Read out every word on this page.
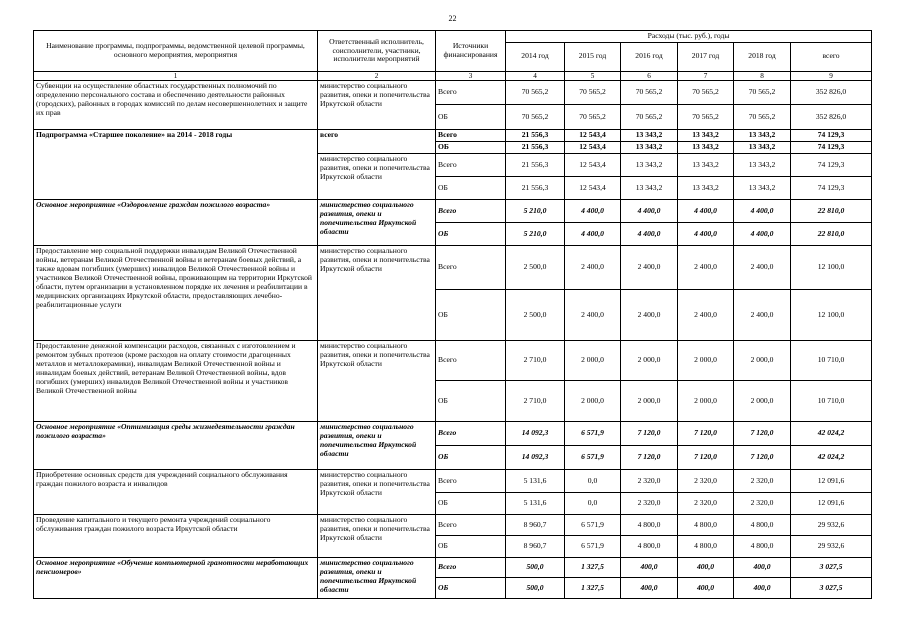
22
Наименование программы, подпрограммы, ведомственной целевой программы, основного мероприятия, мероприятия	Ответственный исполнитель, соисполнители, участники, исполнители мероприятий	Источники финансирования	Расходы (тыс. руб.), годы					
			2014 год	2015 год	2016 год	2017 год	2018 год	всего
1	2	3	4	5	6	7	8	9
Субвенции на осуществление областных государственных полномочий по определению персонального состава и обеспечению деятельности районных (городских), районных в городах комиссий по делам несовершеннолетних и защите их прав	министерство социального развития, опеки и попечительства Иркутской области	Всего	70 565,2	70 565,2	70 565,2	70 565,2	70 565,2	352 826,0
		ОБ	70 565,2	70 565,2	70 565,2	70 565,2	70 565,2	352 826,0
Подпрограмма «Старшее поколение» на 2014 - 2018 годы	всего	Всего	21 556,3	12 543,4	13 343,2	13 343,2	13 343,2	74 129,3
		ОБ	21 556,3	12 543,4	13 343,2	13 343,2	13 343,2	74 129,3
	министерство социального развития, опеки и попечительства Иркутской области	Всего	21 556,3	12 543,4	13 343,2	13 343,2	13 343,2	74 129,3
		ОБ	21 556,3	12 543,4	13 343,2	13 343,2	13 343,2	74 129,3
Основное мероприятие «Оздоровление граждан пожилого возраста»	министерство социального развития, опеки и попечительства Иркутской области	Всего	5 210,0	4 400,0	4 400,0	4 400,0	4 400,0	22 810,0
		ОБ	5 210,0	4 400,0	4 400,0	4 400,0	4 400,0	22 810,0
Предоставление мер социальной поддержки инвалидам Великой Отечественной войны, ветеранам Великой Отечественной войны и ветеранам боевых действий, а также вдовам погибших (умерших) инвалидов Великой Отечественной войны и участников Великой Отечественной войны, проживающим на территории Иркутской области, путем организации в установленном порядке их лечения и реабилитации в медицинских организациях Иркутской области, предоставляющих лечебно-реабилитационные услуги	министерство социального развития, опеки и попечительства Иркутской области	Всего	2 500,0	2 400,0	2 400,0	2 400,0	2 400,0	12 100,0
		ОБ	2 500,0	2 400,0	2 400,0	2 400,0	2 400,0	12 100,0
Предоставление денежной компенсации расходов, связанных с изготовлением и ремонтом зубных протезов (кроме расходов на оплату стоимости драгоценных металлов и металлокерамики), инвалидам Великой Отечественной войны и инвалидам боевых действий, ветеранам Великой Отечественной войны, вдов погибших (умерших) инвалидов Великой Отечественной войны и участников Великой Отечественной войны	министерство социального развития, опеки и попечительства Иркутской области	Всего	2 710,0	2 000,0	2 000,0	2 000,0	2 000,0	10 710,0
		ОБ	2 710,0	2 000,0	2 000,0	2 000,0	2 000,0	10 710,0
Основное мероприятие «Оптимизация среды жизнедеятельности граждан пожилого возраста»	министерство социального развития, опеки и попечительства Иркутской области	Всего	14 092,3	6 571,9	7 120,0	7 120,0	7 120,0	42 024,2
		ОБ	14 092,3	6 571,9	7 120,0	7 120,0	7 120,0	42 024,2
Приобретение основных средств для учреждений социального обслуживания граждан пожилого возраста и инвалидов	министерство социального развития, опеки и попечительства Иркутской области	Всего	5 131,6	0,0	2 320,0	2 320,0	2 320,0	12 091,6
		ОБ	5 131,6	0,0	2 320,0	2 320,0	2 320,0	12 091,6
Проведение капитального и текущего ремонта учреждений социального обслуживания граждан пожилого возраста Иркутской области	министерство социального развития, опеки и попечительства Иркутской области	Всего	8 960,7	6 571,9	4 800,0	4 800,0	4 800,0	29 932,6
		ОБ	8 960,7	6 571,9	4 800,0	4 800,0	4 800,0	29 932,6
Основное мероприятие «Обучение компьютерной грамотности неработающих пенсионеров»	министерство социального развития, опеки и попечительства Иркутской области	Всего	500,0	1 327,5	400,0	400,0	400,0	3 027,5
		ОБ	500,0	1 327,5	400,0	400,0	400,0	3 027,5
